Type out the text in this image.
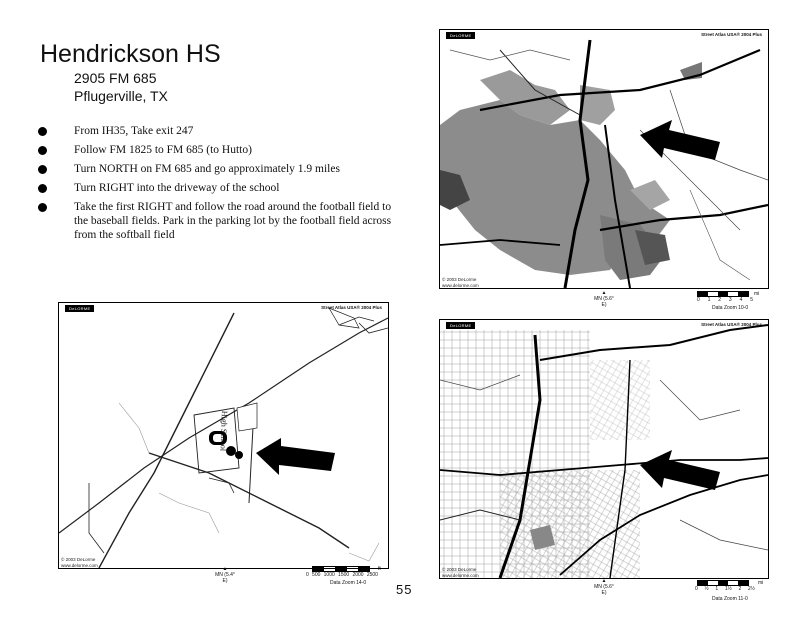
Hendrickson HS
2905 FM 685
Pflugerville, TX
From IH35, Take exit 247
Follow FM 1825 to FM 685 (to Hutto)
Turn NORTH on FM 685 and go approximately 1.9 miles
Turn RIGHT into the driveway of the school
Take the first RIGHT and follow the road around the football field to the baseball fields. Park in the parking lot by the football field across from the softball field
DeLORME	Street Atlas USA® 2004 Plus
© 2003 DeLorme
www.delorme.com
▲
MN (5.6° E)
0 1 2 3 4 5
mi
Data Zoom 10-0
DeLORME	Street Atlas USA® 2004 Plus
High School
© 2003 DeLorme
www.delorme.com
▲
MN (5.4° E)
0 500 1000 1500 2000 2500
ft
Data Zoom 14-0
DeLORME	Street Atlas USA® 2004 Plus
© 2003 DeLorme
www.delorme.com
▲
MN (5.6° E)
0 ½ 1 1½ 2 2½
mi
Data Zoom 11-0
55
